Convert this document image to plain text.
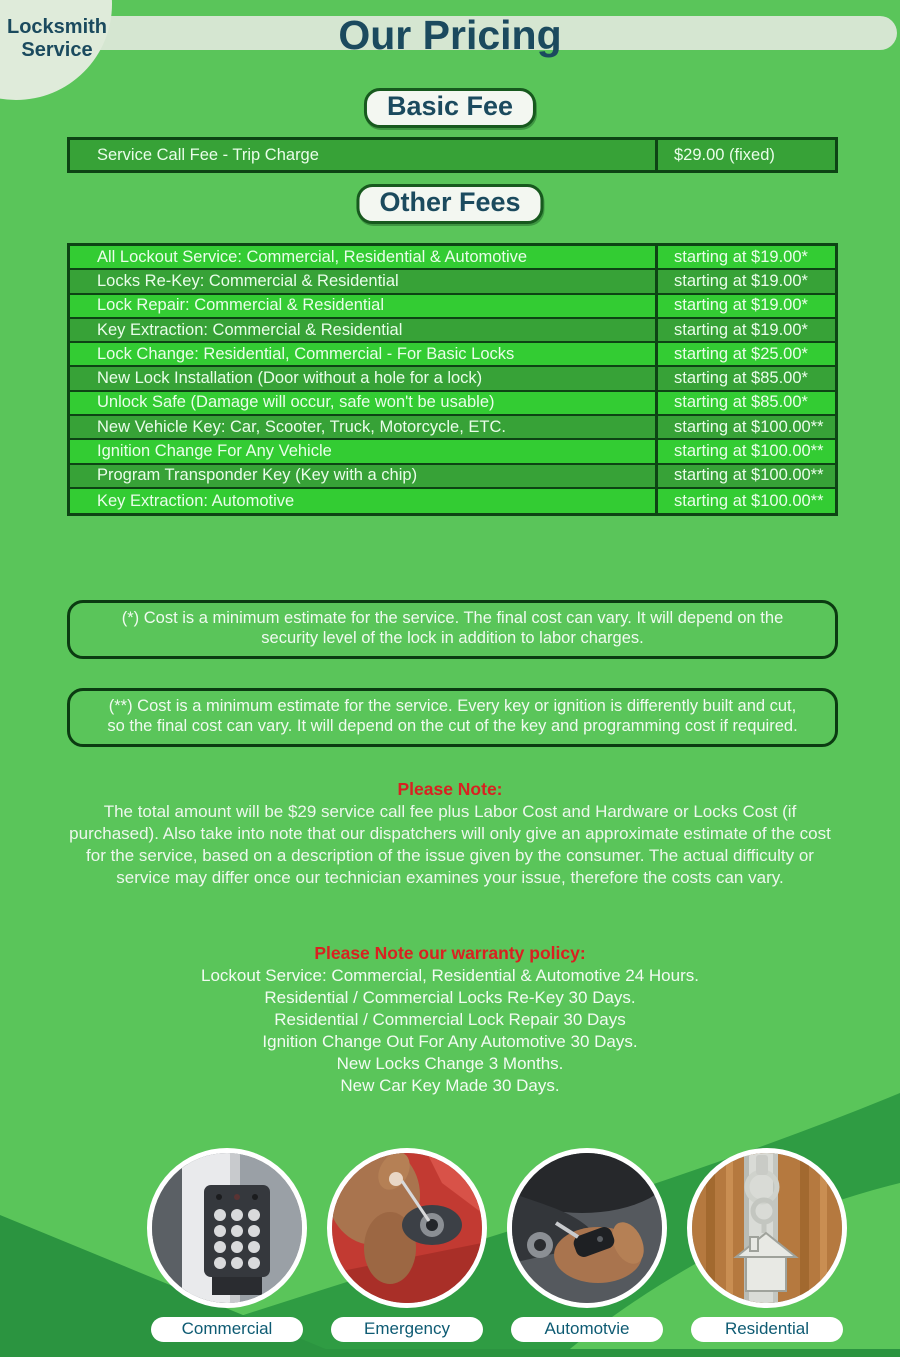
Locksmith
Service	Our Pricing
Basic Fee
Service Call Fee - Trip Charge	$29.00 (fixed)
Other Fees
All Lockout Service: Commercial, Residential & Automotive	starting at $19.00*
Locks Re-Key: Commercial & Residential	starting at $19.00*
Lock Repair: Commercial & Residential	starting at $19.00*
Key Extraction: Commercial & Residential	starting at $19.00*
Lock Change: Residential, Commercial - For Basic Locks	starting at $25.00*
New Lock Installation (Door without a hole for a lock)	starting at $85.00*
Unlock Safe (Damage will occur, safe won't be usable)	starting at $85.00*
New Vehicle Key: Car, Scooter, Truck, Motorcycle, ETC.	starting at $100.00**
Ignition Change For Any Vehicle	starting at $100.00**
Program Transponder Key (Key with a chip)	starting at $100.00**
Key Extraction: Automotive	starting at $100.00**
(*) Cost is a minimum estimate for the service. The final cost can vary. It will depend on the security level of the lock in addition to labor charges.
(**) Cost is a minimum estimate for the service. Every key or ignition is differently built and cut, so the final cost can vary. It will depend on the cut of the key and programming cost if required.
Please Note:

The total amount will be $29 service call fee plus Labor Cost and Hardware or Locks Cost (if purchased). Also take into note that our dispatchers will only give an approximate estimate of the cost for the service, based on a description of the issue given by the consumer. The actual difficulty or service may differ once our technician examines your issue, therefore the costs can vary.

Please Note our warranty policy:
Lockout Service: Commercial, Residential & Automotive 24 Hours.
Residential / Commercial Locks Re-Key 30 Days.
Residential / Commercial Lock Repair 30 Days
Ignition Change Out For Any Automotive 30 Days.
New Locks Change 3 Months.
New Car Key Made 30 Days.
Commercial	Emergency	Automotvie	Residential
